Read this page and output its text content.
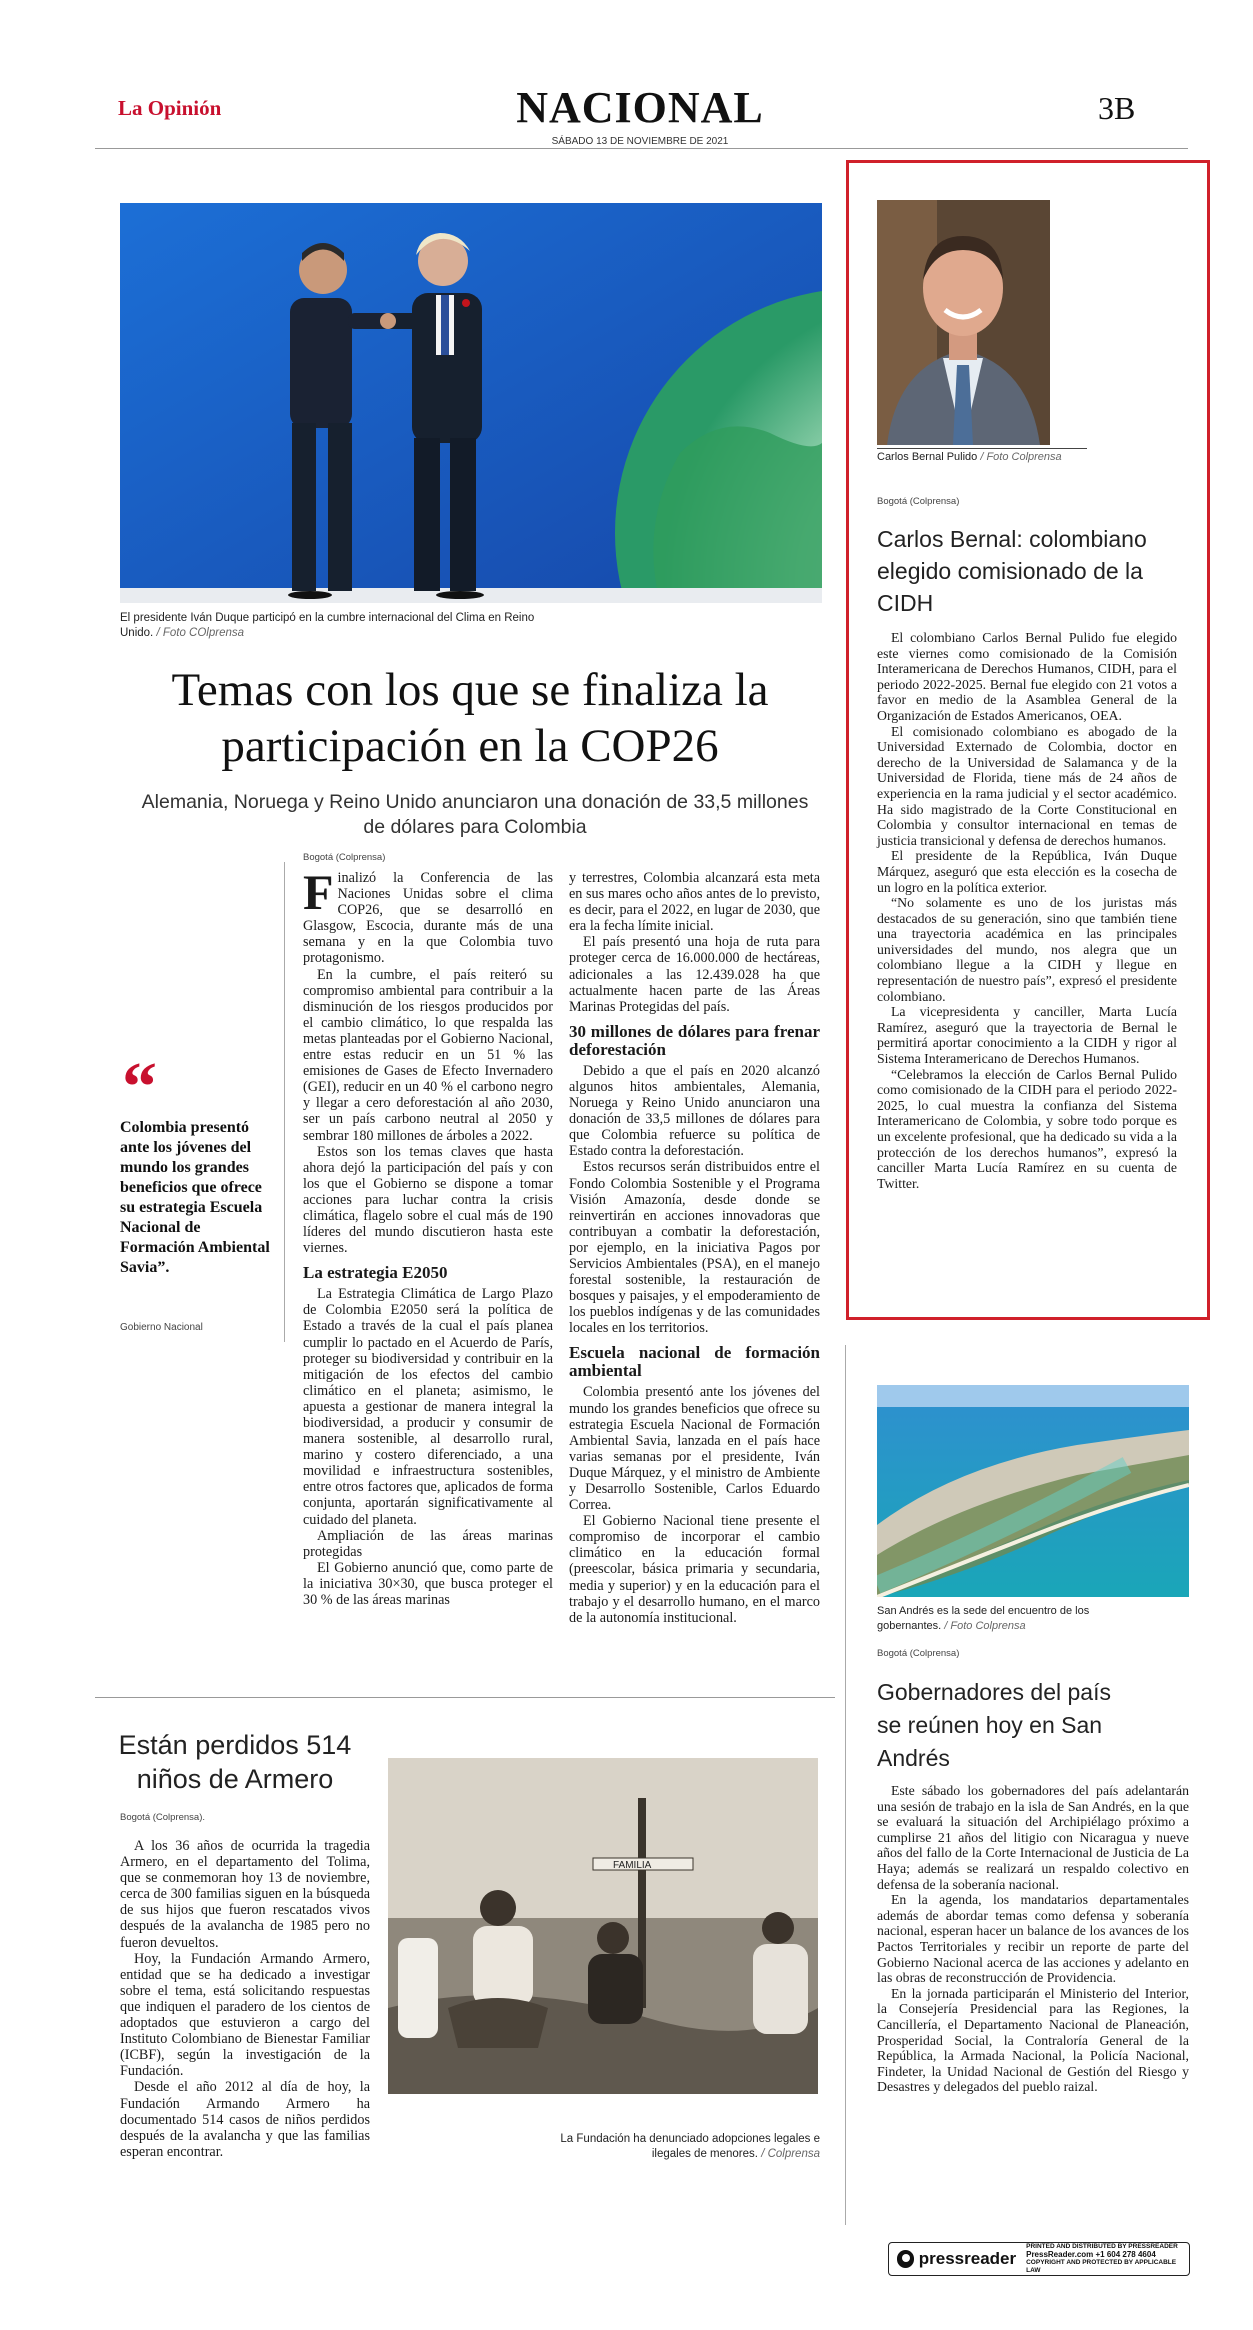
La Opinión	NACIONAL
SÁBADO 13 DE NOVIEMBRE DE 2021
3B
El presidente Iván Duque participó en la cumbre internacional del Clima en Reino Unido. / Foto COlprensa
Temas con los que se finaliza la participación en la COP26
Alemania, Noruega y Reino Unido anunciaron una donación de 33,5 millones de dólares para Colombia
“
Colombia presentó ante los jóvenes del mundo los grandes beneficios que ofrece su estrategia Escuela Nacional de Formación Ambiental Savia”.
Gobierno Nacional
Bogotá (Colprensa)
F inalizó la Conferencia de las Naciones Unidas sobre el clima COP26, que se desarrolló en Glasgow, Escocia, durante más de una semana y en la que Colombia tuvo protagonismo.

En la cumbre, el país reiteró su compromiso ambiental para contribuir a la disminución de los riesgos producidos por el cambio climático, lo que respalda las metas planteadas por el Gobierno Nacional, entre estas reducir en un 51 % las emisiones de Gases de Efecto Invernadero (GEI), reducir en un 40 % el carbono negro y llegar a cero deforestación al año 2030, ser un país carbono neutral al 2050 y sembrar 180 millones de árboles a 2022.

Estos son los temas claves que hasta ahora dejó la participación del país y con los que el Gobierno se dispone a tomar acciones para luchar contra la crisis climática, flagelo sobre el cual más de 190 líderes del mundo discutieron hasta este viernes.

La estrategia E2050

La Estrategia Climática de Largo Plazo de Colombia E2050 será la política de Estado a través de la cual el país planea cumplir lo pactado en el Acuerdo de París, proteger su biodiversidad y contribuir en la mitigación de los efectos del cambio climático en el planeta; asimismo, le apuesta a gestionar de manera integral la biodiversidad, a producir y consumir de manera sostenible, al desarrollo rural, marino y costero diferenciado, a una movilidad e infraestructura sostenibles, entre otros factores que, aplicados de forma conjunta, aportarán significativamente al cuidado del planeta.

Ampliación de las áreas marinas protegidas

El Gobierno anunció que, como parte de la iniciativa 30×30, que busca proteger el 30 % de las áreas marinas

y terrestres, Colombia alcanzará esta meta en sus mares ocho años antes de lo previsto, es decir, para el 2022, en lugar de 2030, que era la fecha límite inicial.

El país presentó una hoja de ruta para proteger cerca de 16.000.000 de hectáreas, adicionales a las 12.439.028 ha que actualmente hacen parte de las Áreas Marinas Protegidas del país.

30 millones de dólares para frenar deforestación

Debido a que el país en 2020 alcanzó algunos hitos ambientales, Alemania, Noruega y Reino Unido anunciaron una donación de 33,5 millones de dólares para que Colombia refuerce su política de Estado contra la deforestación.

Estos recursos serán distribuidos entre el Fondo Colombia Sostenible y el Programa Visión Amazonía, desde donde se reinvertirán en acciones innovadoras que contribuyan a combatir la deforestación, por ejemplo, en la iniciativa Pagos por Servicios Ambientales (PSA), en el manejo forestal sostenible, la restauración de bosques y paisajes, y el empoderamiento de los pueblos indígenas y de las comunidades locales en los territorios.

Escuela nacional de formación ambiental

Colombia presentó ante los jóvenes del mundo los grandes beneficios que ofrece su estrategia Escuela Nacional de Formación Ambiental Savia, lanzada en el país hace varias semanas por el presidente, Iván Duque Márquez, y el ministro de Ambiente y Desarrollo Sostenible, Carlos Eduardo Correa.

El Gobierno Nacional tiene presente el compromiso de incorporar el cambio climático en la educación formal (preescolar, básica primaria y secundaria, media y superior) y en la educación para el trabajo y el desarrollo humano, en el marco de la autonomía institucional.

Están perdidos 514 niños de Armero
Bogotá (Colprensa).

A los 36 años de ocurrida la tragedia Armero, en el departamento del Tolima, que se conmemoran hoy 13 de noviembre, cerca de 300 familias siguen en la búsqueda de sus hijos que fueron rescatados vivos después de la avalancha de 1985 pero no fueron devueltos.

Hoy, la Fundación Armando Armero, entidad que se ha dedicado a investigar sobre el tema, está solicitando respuestas que indiquen el paradero de los cientos de adoptados que estuvieron a cargo del Instituto Colombiano de Bienestar Familiar (ICBF), según la investigación de la Fundación.

Desde el año 2012 al día de hoy, la Fundación Armando Armero ha documentado 514 casos de niños perdidos después de la avalancha y que las familias esperan encontrar.

FAMILIA
La Fundación ha denunciado adopciones legales e ilegales de menores. / Colprensa
Carlos Bernal Pulido / Foto Colprensa
Bogotá (Colprensa)
Carlos Bernal: colombiano elegido comisionado de la CIDH

El colombiano Carlos Bernal Pulido fue elegido este viernes como comisionado de la Comisión Interamericana de Derechos Humanos, CIDH, para el periodo 2022-2025. Bernal fue elegido con 21 votos a favor en medio de la Asamblea General de la Organización de Estados Americanos, OEA.

El comisionado colombiano es abogado de la Universidad Externado de Colombia, doctor en derecho de la Universidad de Salamanca y de la Universidad de Florida, tiene más de 24 años de experiencia en la rama judicial y el sector académico. Ha sido magistrado de la Corte Constitucional en Colombia y consultor internacional en temas de justicia transicional y defensa de derechos humanos.

El presidente de la República, Iván Duque Márquez, aseguró que esta elección es la cosecha de un logro en la política exterior.

“No solamente es uno de los juristas más destacados de su generación, sino que también tiene una trayectoria académica en las principales universidades del mundo, nos alegra que un colombiano llegue a la CIDH y llegue en representación de nuestro país”, expresó el presidente colombiano.

La vicepresidenta y canciller, Marta Lucía Ramírez, aseguró que la trayectoria de Bernal le permitirá aportar conocimiento a la CIDH y rigor al Sistema Interamericano de Derechos Humanos.

“Celebramos la elección de Carlos Bernal Pulido como comisionado de la CIDH para el periodo 2022- 2025, lo cual muestra la confianza del Sistema Interamericano de Colombia, y sobre todo porque es un excelente profesional, que ha dedicado su vida a la protección de los derechos humanos”, expresó la canciller Marta Lucía Ramírez en su cuenta de Twitter.

San Andrés es la sede del encuentro de los gobernantes. / Foto Colprensa
Bogotá (Colprensa)
Gobernadores del país se reúnen hoy en San Andrés

Este sábado los gobernadores del país adelantarán una sesión de trabajo en la isla de San Andrés, en la que se evaluará la situación del Archipiélago próximo a cumplirse 21 años del litigio con Nicaragua y nueve años del fallo de la Corte Internacional de Justicia de La Haya; además se realizará un respaldo colectivo en defensa de la soberanía nacional.

En la agenda, los mandatarios departamentales además de abordar temas como defensa y soberanía nacional, esperan hacer un balance de los avances de los Pactos Territoriales y recibir un reporte de parte del Gobierno Nacional acerca de las acciones y adelanto en las obras de reconstrucción de Providencia.

En la jornada participarán el Ministerio del Interior, la Consejería Presidencial para las Regiones, la Cancillería, el Departamento Nacional de Planeación, Prosperidad Social, la Contraloría General de la República, la Armada Nacional, la Policía Nacional, Findeter, la Unidad Nacional de Gestión del Riesgo y Desastres y delegados del pueblo raizal.

pressreader
PRINTED AND DISTRIBUTED BY PRESSREADER
PressReader.com +1 604 278 4604
COPYRIGHT AND PROTECTED BY APPLICABLE LAW
